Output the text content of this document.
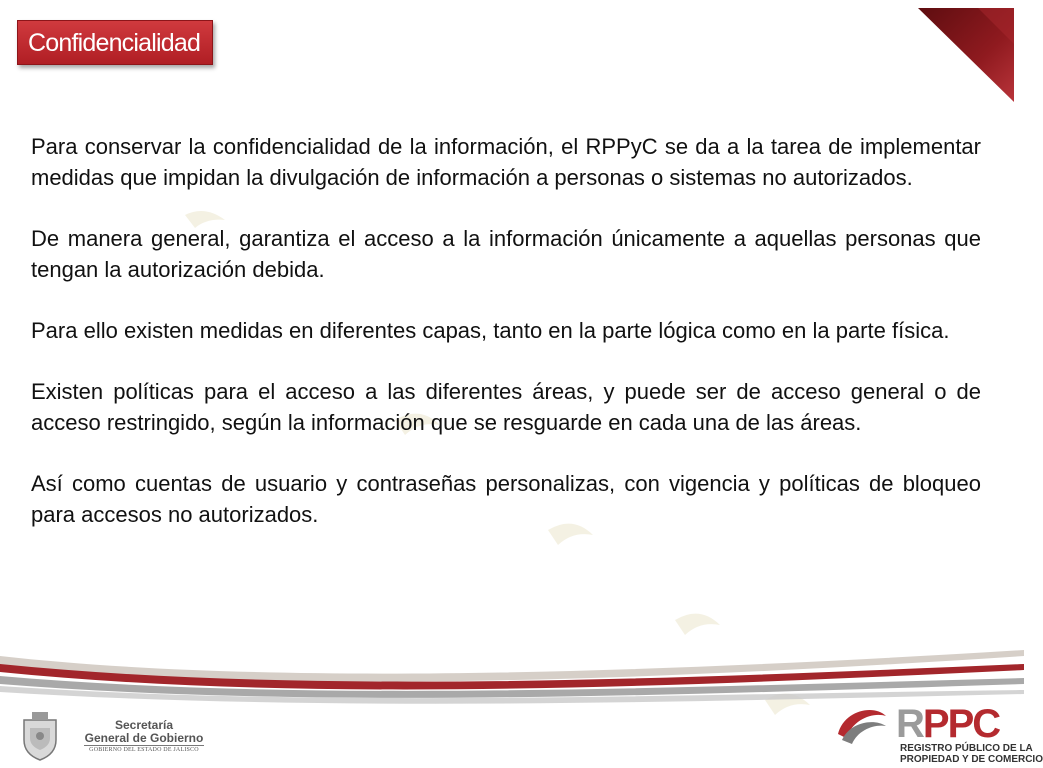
Confidencialidad

Para conservar la confidencialidad de la información, el RPPyC se da a la tarea de implementar medidas que impidan la divulgación de información a personas o sistemas no autorizados.

De manera general, garantiza el acceso a la información únicamente a aquellas personas que tengan la autorización debida.

Para ello existen medidas en diferentes capas, tanto en la parte lógica como en la parte física.

Existen políticas para el acceso a las diferentes áreas, y puede ser de acceso general o de acceso restringido, según la información que se resguarde en cada una de las áreas.

Así como cuentas de usuario y contraseñas personalizas, con vigencia y políticas de bloqueo para accesos no autorizados.

Secretaría
General de Gobierno
GOBIERNO DEL ESTADO DE JALISCO
RPPC
REGISTRO PÚBLICO DE LA
PROPIEDAD Y DE COMERCIO
